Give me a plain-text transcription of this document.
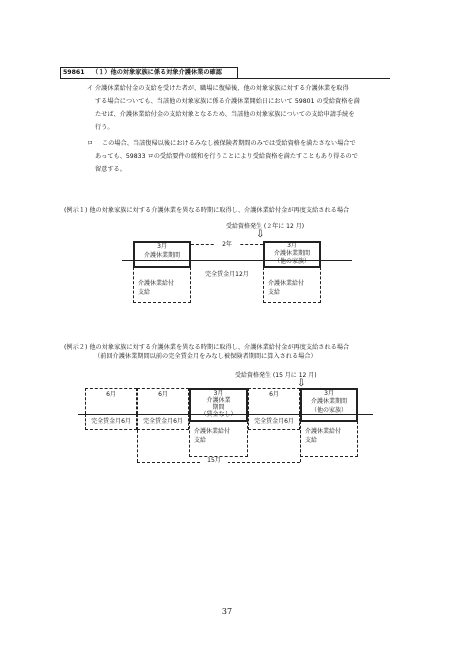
59861 （１）他の対象家族に係る対象介護休業の確認
イ 介護休業給付金の支給を受けた者が、職場に復帰後、他の対象家族に対する介護休業を取得
する場合についても、当該他の対象家族に係る介護休業開始日において 59801 の受給資格を満
たせば、介護休業給付金の支給対象となるため、当該他の対象家族についての支給申請手続を
行う。
ロ この場合、当該復帰以後におけるみなし被保険者期間のみでは受給資格を満たさない場合で
あっても、59833 ロの受給要件の緩和を行うことにより受給資格を満たすこともあり得るので
留意する。
(例示１) 他の対象家族に対する介護休業を異なる時期に取得し、介護休業給付金が再度支給される場合
受給資格発生 (２年に 12 月)
⇩
3月
介護休業期間
2年	3月
介護休業期間
（他の家族）
介護休業給付
支給
完全賃金月12月
介護休業給付
支給
(例示２) 他の対象家族に対する介護休業を異なる時期に取得し、介護休業給付金が再度支給される場合
（前回介護休業期間以前の完全賃金月をみなし被保険者期間に算入される場合）
受給資格発生 (15 月に 12 月)
⇩
6月	6月	3月
介護休業
期間
（賃金なし）
6月	3月
介護休業期間
（他の家族）
完全賃金月6月	完全賃金月6月
介護休業給付
支給
完全賃金月6月
介護休業給付
支給
15月
37
